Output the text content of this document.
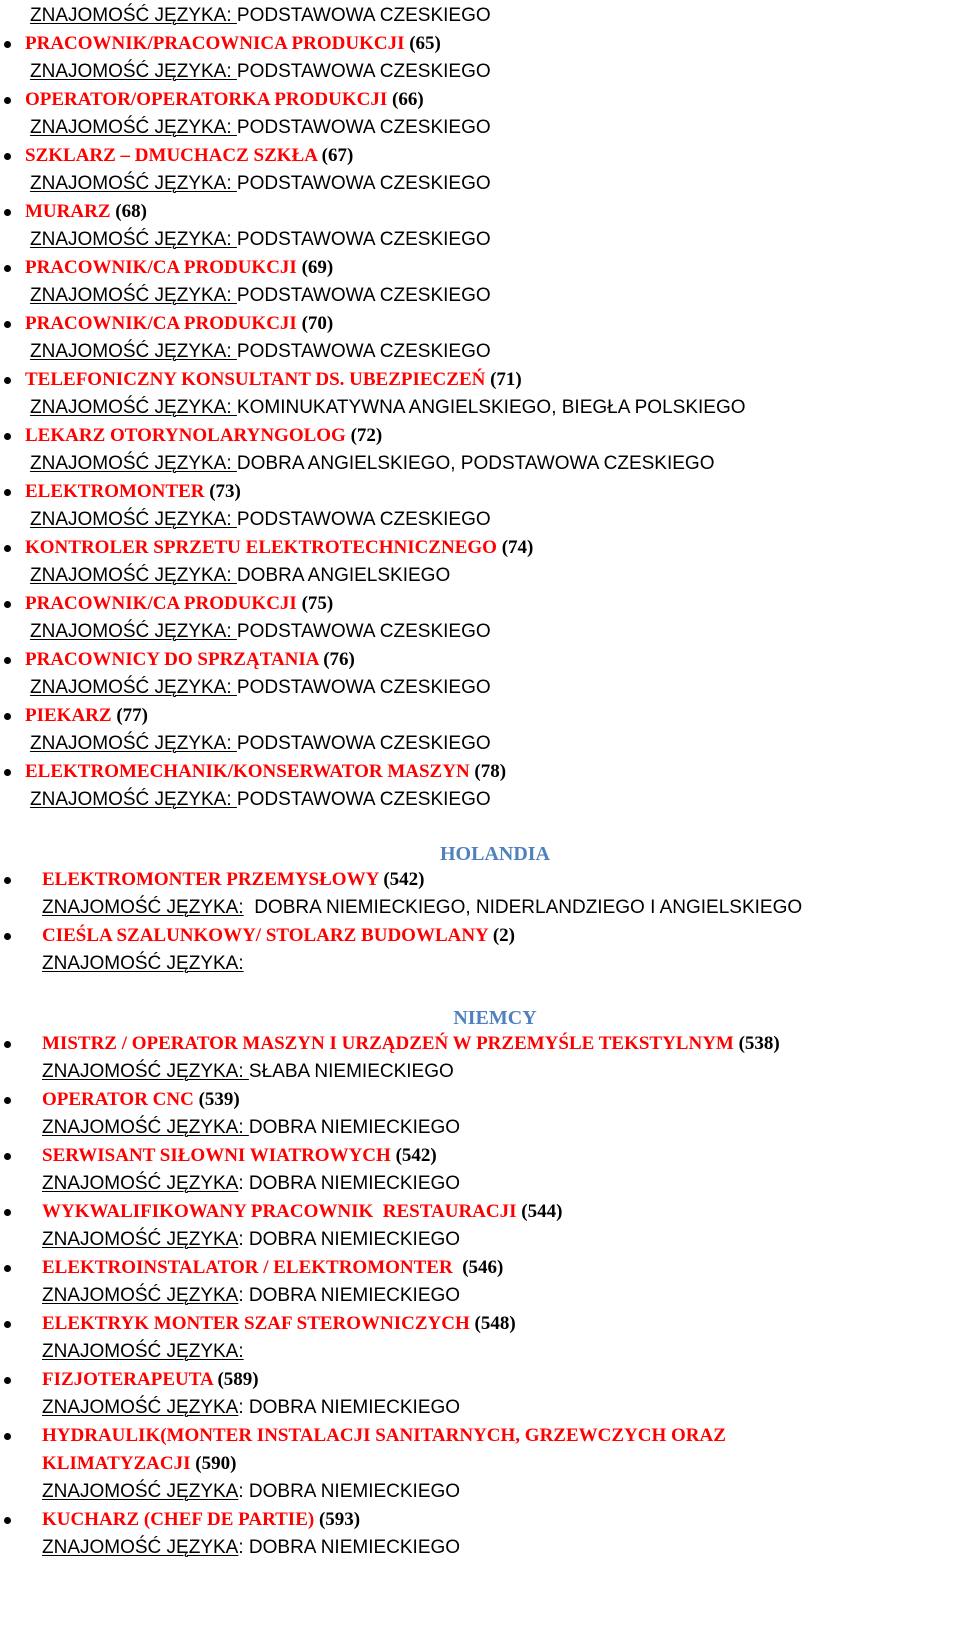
ZNAJOMOŚĆ JĘZYKA: PODSTAWOWA CZESKIEGO
PRACOWNIK/PRACOWNICA PRODUKCJI (65)
ZNAJOMOŚĆ JĘZYKA: PODSTAWOWA CZESKIEGO
OPERATOR/OPERATORKA PRODUKCJI (66)
ZNAJOMOŚĆ JĘZYKA: PODSTAWOWA CZESKIEGO
SZKLARZ – DMUCHACZ SZKŁA (67)
ZNAJOMOŚĆ JĘZYKA: PODSTAWOWA CZESKIEGO
MURARZ (68)
ZNAJOMOŚĆ JĘZYKA: PODSTAWOWA CZESKIEGO
PRACOWNIK/CA PRODUKCJI (69)
ZNAJOMOŚĆ JĘZYKA: PODSTAWOWA CZESKIEGO
PRACOWNIK/CA PRODUKCJI (70)
ZNAJOMOŚĆ JĘZYKA: PODSTAWOWA CZESKIEGO
TELEFONICZNY KONSULTANT DS. UBEZPIECZEŃ (71)
ZNAJOMOŚĆ JĘZYKA: KOMINUKATYWNA ANGIELSKIEGO, BIEGŁA POLSKIEGO
LEKARZ OTORYNOLARYNGOLOG (72)
ZNAJOMOŚĆ JĘZYKA: DOBRA ANGIELSKIEGO, PODSTAWOWA CZESKIEGO
ELEKTROMONTER (73)
ZNAJOMOŚĆ JĘZYKA: PODSTAWOWA CZESKIEGO
KONTROLER SPRZETU ELEKTROTECHNICZNEGO (74)
ZNAJOMOŚĆ JĘZYKA: DOBRA ANGIELSKIEGO
PRACOWNIK/CA PRODUKCJI (75)
ZNAJOMOŚĆ JĘZYKA: PODSTAWOWA CZESKIEGO
PRACOWNICY DO SPRZĄTANIA (76)
ZNAJOMOŚĆ JĘZYKA: PODSTAWOWA CZESKIEGO
PIEKARZ (77)
ZNAJOMOŚĆ JĘZYKA: PODSTAWOWA CZESKIEGO
ELEKTROMECHANIK/KONSERWATOR MASZYN (78)
ZNAJOMOŚĆ JĘZYKA: PODSTAWOWA CZESKIEGO
HOLANDIA
ELEKTROMONTER PRZEMYSŁOWY (542)
ZNAJOMOŚĆ JĘZYKA:  DOBRA NIEMIECKIEGO, NIDERLANDZIEGO I ANGIELSKIEGO
CIEŚLA SZALUNKOWY/ STOLARZ BUDOWLANY (2)
ZNAJOMOŚĆ JĘZYKA:
NIEMCY
MISTRZ / OPERATOR MASZYN I URZĄDZEŃ W PRZEMYŚLE TEKSTYLNYM (538)
ZNAJOMOŚĆ JĘZYKA: SŁABA NIEMIECKIEGO
OPERATOR CNC (539)
ZNAJOMOŚĆ JĘZYKA: DOBRA NIEMIECKIEGO
SERWISANT SIŁOWNI WIATROWYCH (542)
ZNAJOMOŚĆ JĘZYKA: DOBRA NIEMIECKIEGO
WYKWALIFIKOWANY PRACOWNIK  RESTAURACJI (544)
ZNAJOMOŚĆ JĘZYKA: DOBRA NIEMIECKIEGO
ELEKTROINSTALATOR / ELEKTROMONTER  (546)
ZNAJOMOŚĆ JĘZYKA: DOBRA NIEMIECKIEGO
ELEKTRYK MONTER SZAF STEROWNICZYCH (548)
ZNAJOMOŚĆ JĘZYKA:
FIZJOTERAPEUTA (589)
ZNAJOMOŚĆ JĘZYKA: DOBRA NIEMIECKIEGO
HYDRAULIK(MONTER INSTALACJI SANITARNYCH, GRZEWCZYCH ORAZ
KLIMATYZACJI (590)
ZNAJOMOŚĆ JĘZYKA: DOBRA NIEMIECKIEGO
KUCHARZ (CHEF DE PARTIE) (593)
ZNAJOMOŚĆ JĘZYKA: DOBRA NIEMIECKIEGO
